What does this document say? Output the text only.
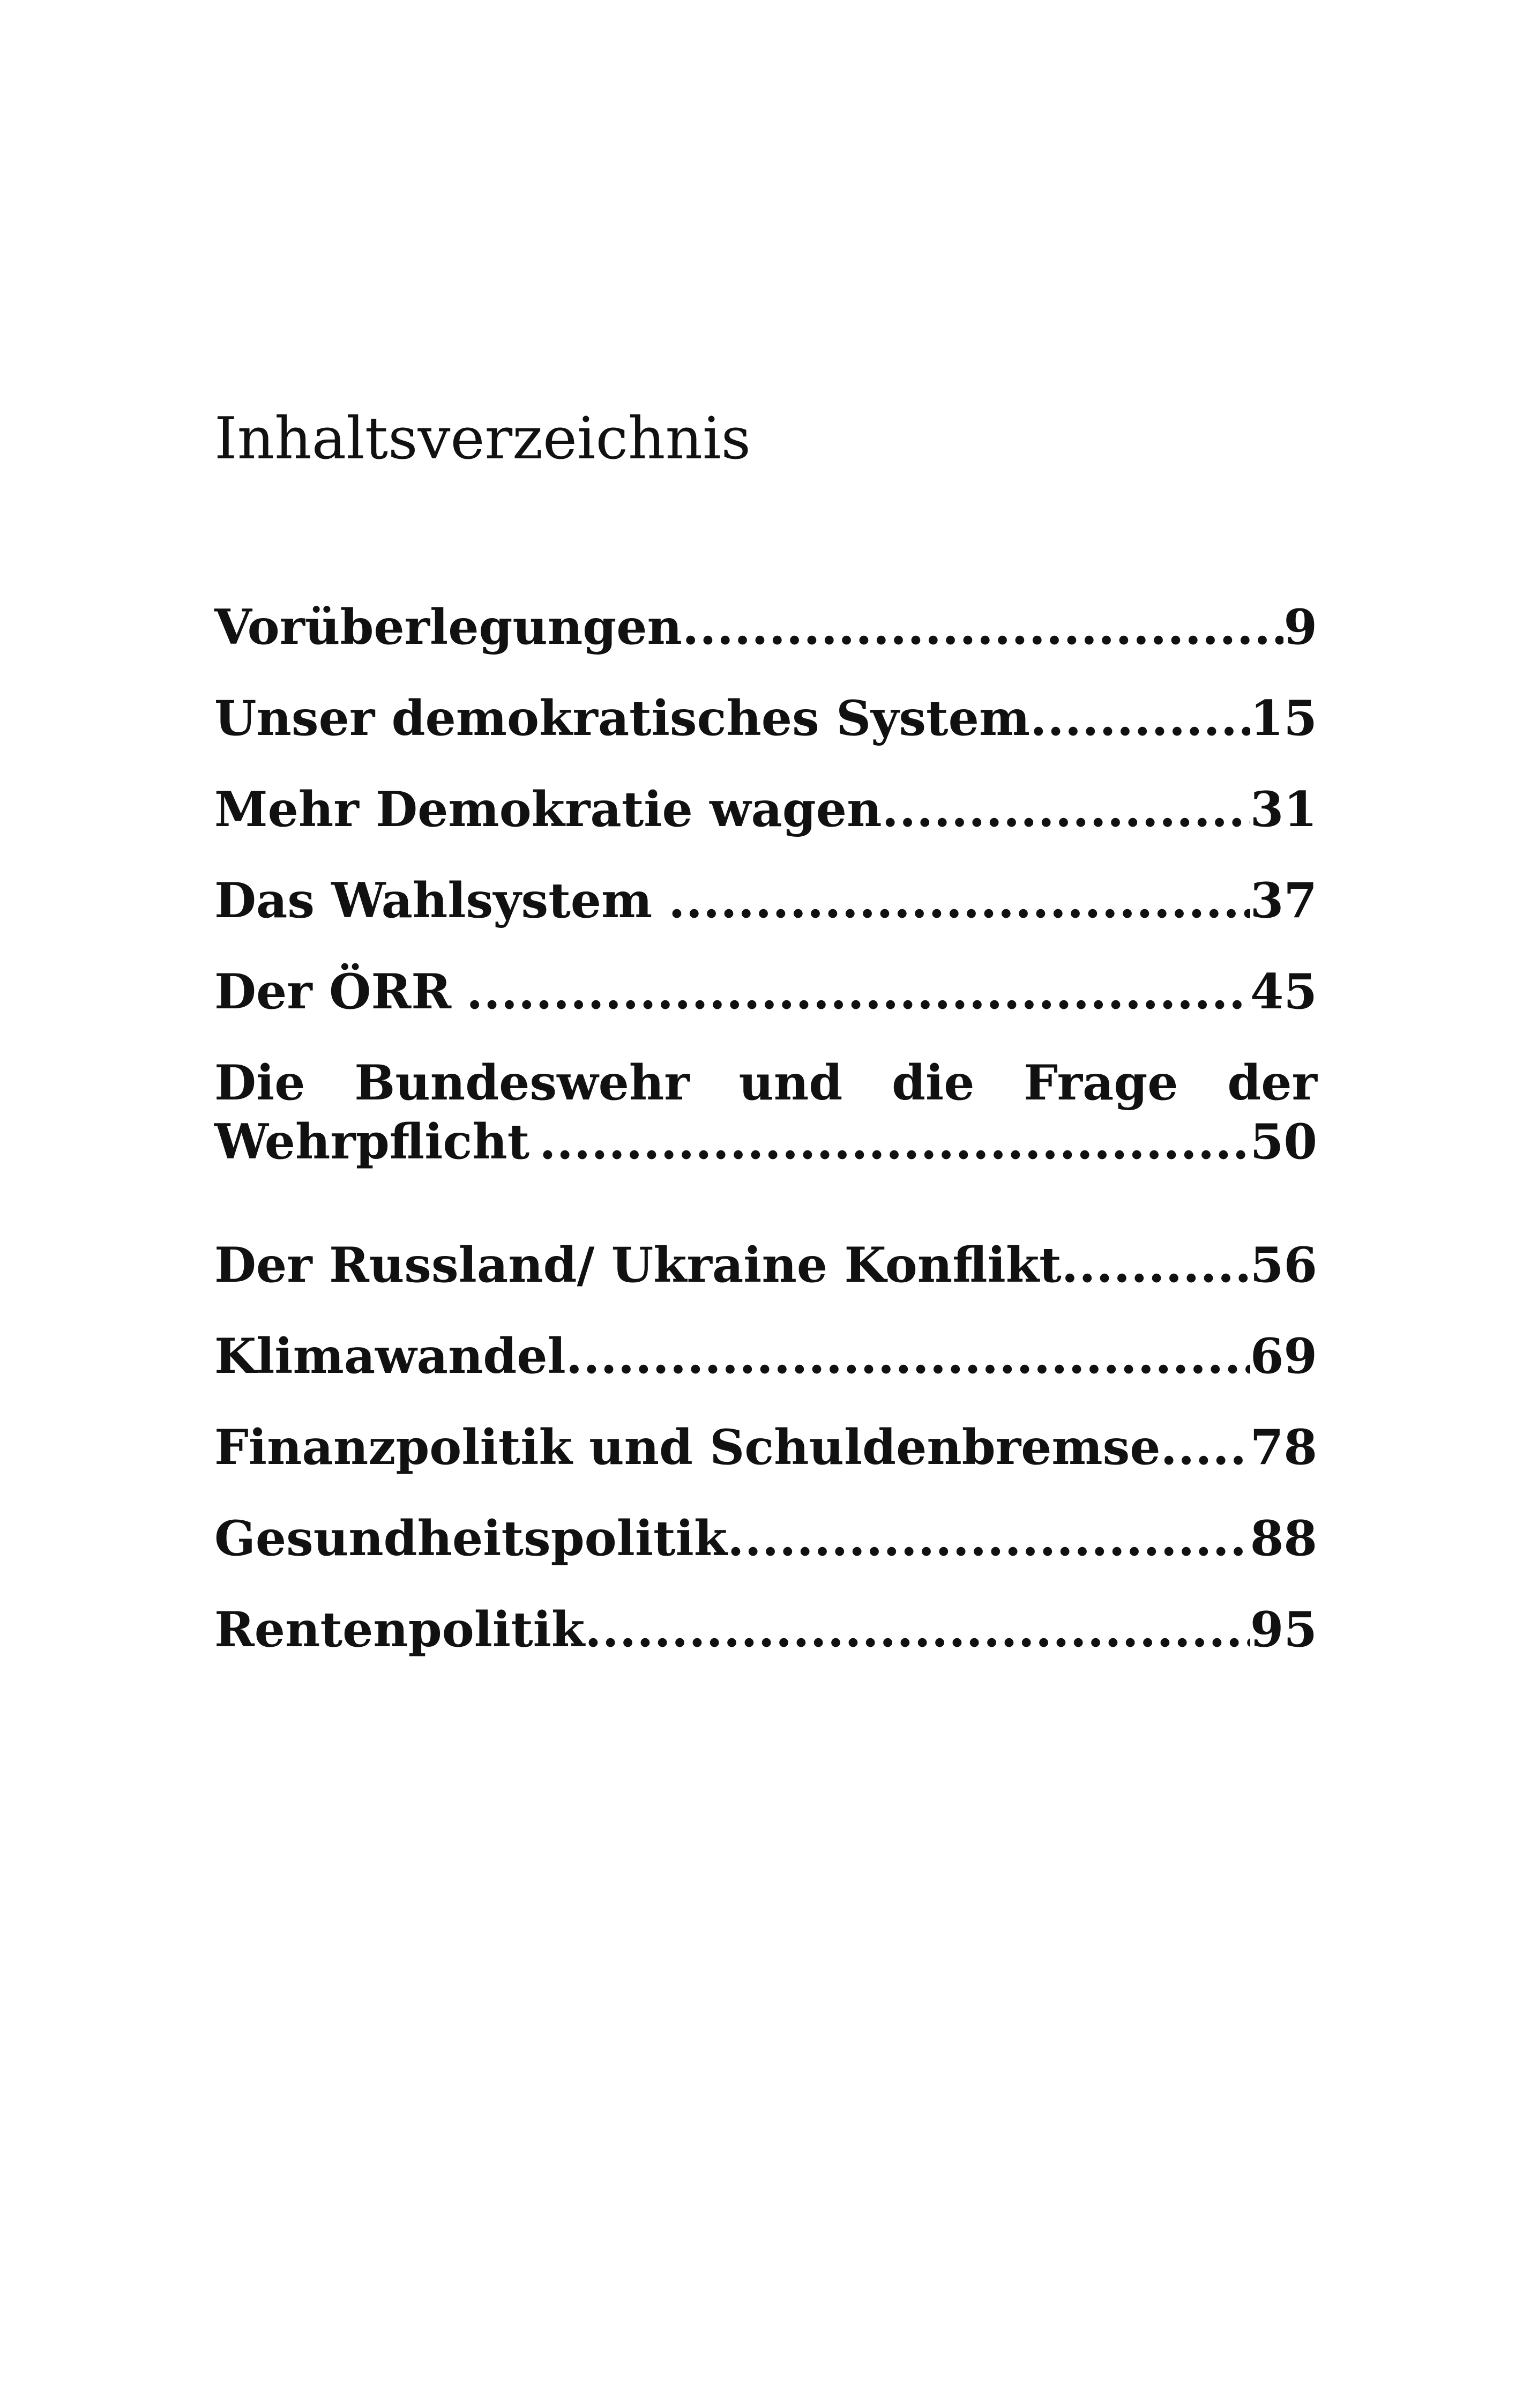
Inhaltsverzeichnis
Vorüberlegungen .....	9
Unser demokratisches System .....	15
Mehr Demokratie wagen .....	31
Das Wahlsystem .....	37
Der ÖRR .....	45
Die Bundeswehr und die Frage der
Wehrpflicht .....	50
Der Russland/ Ukraine Konflikt .....	56
Klimawandel .....	69
Finanzpolitik und Schuldenbremse ..... 78
Gesundheitspolitik .....	88
Rentenpolitik .....	95
